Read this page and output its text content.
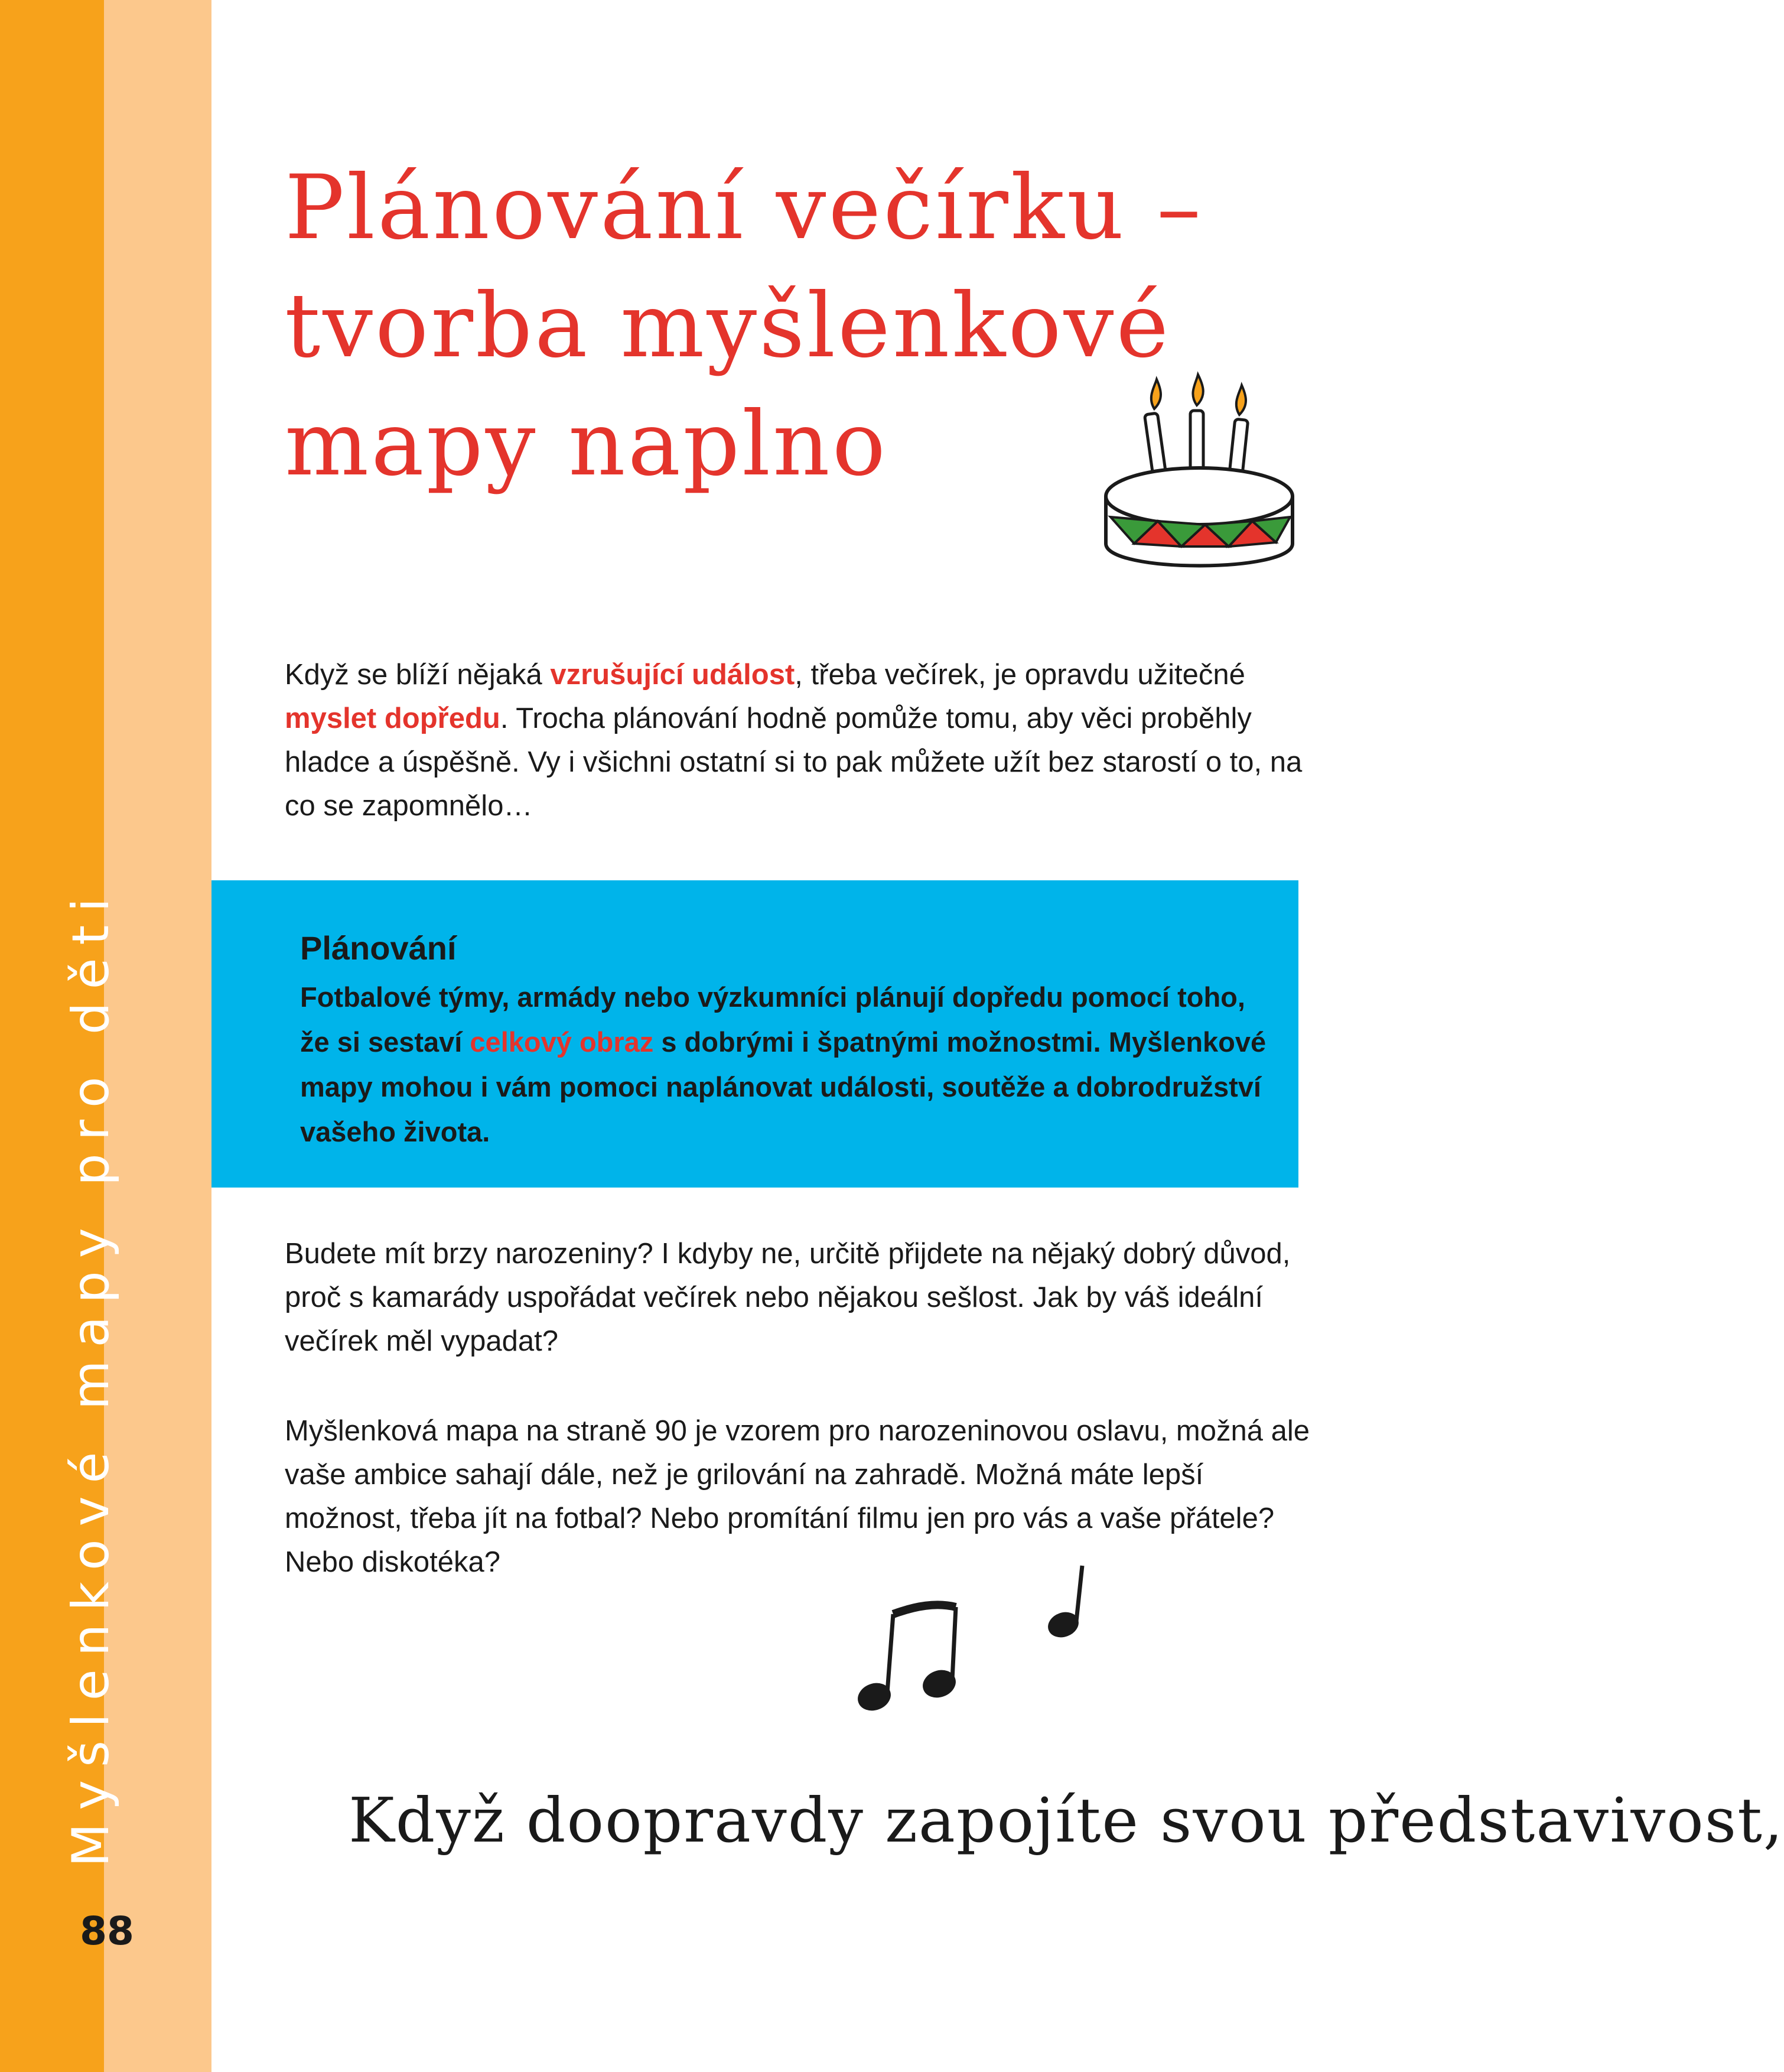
Myšlenkové mapy pro děti
88
Plánování večírku –
tvorba myšlenkové
mapy naplno

Když se blíží nějaká vzrušující událost, třeba večírek, je opravdu užitečné myslet dopředu. Trocha plánování hodně pomůže tomu, aby věci proběhly hladce a úspěšně. Vy i všichni ostatní si to pak můžete užít bez starostí o to, na co se zapomnělo…

Plánování

Fotbalové týmy, armády nebo výzkumníci plánují dopředu pomocí toho, že si sestaví celkový obraz s dobrými i špatnými možnostmi. Myšlenkové mapy mohou i vám pomoci naplánovat události, soutěže a dobrodružství vašeho života.

Budete mít brzy narozeniny? I kdyby ne, určitě přijdete na nějaký dobrý důvod, proč s kamarády uspořádat večírek nebo nějakou sešlost. Jak by váš ideální večírek měl vypadat?

Myšlenková mapa na straně 90 je vzorem pro narozeninovou oslavu, možná ale vaše ambice sahají dále, než je grilování na zahradě. Možná máte lepší možnost, třeba jít na fotbal? Nebo promítání filmu jen pro vás a vaše přátele? Nebo diskotéka?

Když doopravdy zapojíte svou představivost,
